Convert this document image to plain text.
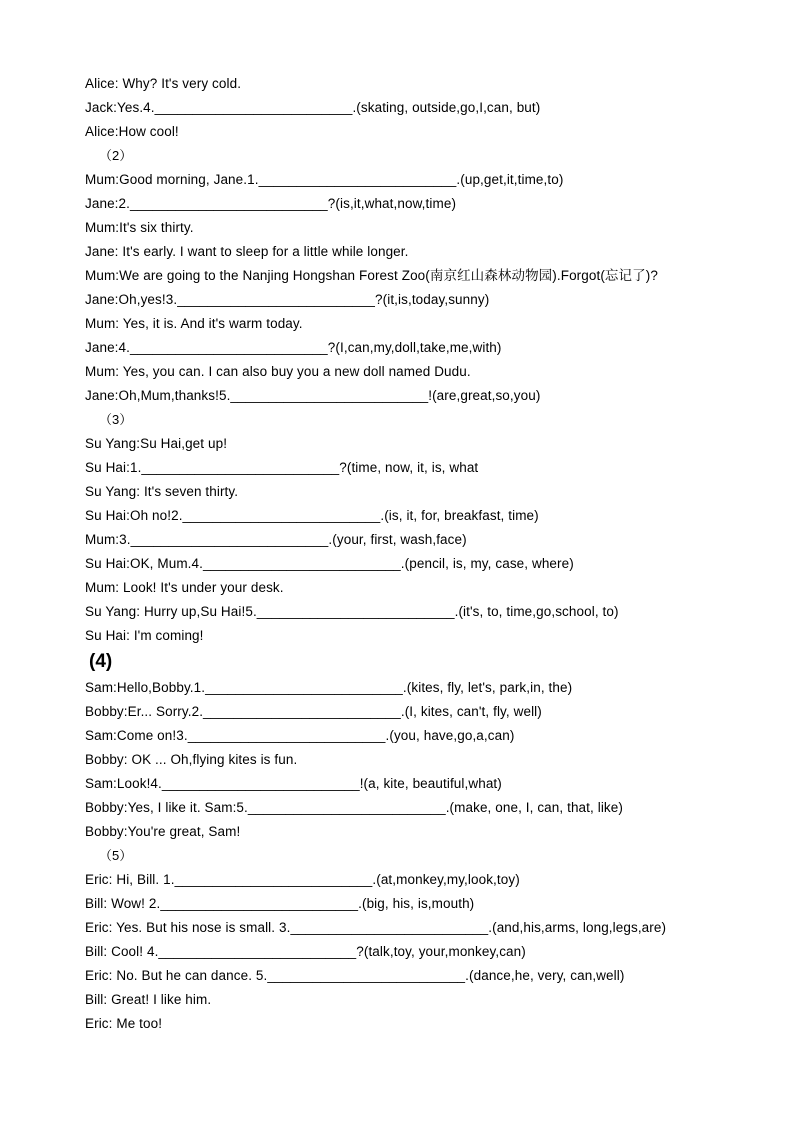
Alice: Why? It's very cold.
Jack:Yes.4.__________________________.(skating, outside,go,I,can, but)
Alice:How cool!
（2）
Mum:Good morning, Jane.1.__________________________.(up,get,it,time,to)
Jane:2.__________________________?(is,it,what,now,time)
Mum:It's six thirty.
Jane: It's early. I want to sleep for a little while longer.
Mum:We are going to the Nanjing Hongshan Forest Zoo(南京红山森林动物园).Forgot(忘记了)?
Jane:Oh,yes!3.__________________________?(it,is,today,sunny)
Mum: Yes, it is. And it's warm today.
Jane:4.__________________________?(I,can,my,doll,take,me,with)
Mum: Yes, you can. I can also buy you a new doll named Dudu.
Jane:Oh,Mum,thanks!5.__________________________!(are,great,so,you)
（3）
Su Yang:Su Hai,get up!
Su Hai:1.__________________________?(time, now, it, is, what
Su Yang: It's seven thirty.
Su Hai:Oh no!2.__________________________.(is, it, for, breakfast, time)
Mum:3.__________________________.(your, first, wash,face)
Su Hai:OK, Mum.4.__________________________.(pencil, is, my, case, where)
Mum: Look! It's under your desk.
Su Yang: Hurry up,Su Hai!5.__________________________.(it's, to, time,go,school, to)
Su Hai: I'm coming!
(4)
Sam:Hello,Bobby.1.__________________________.(kites, fly, let's, park,in, the)
Bobby:Er... Sorry.2.__________________________.(I, kites, can't, fly, well)
Sam:Come on!3.__________________________.(you, have,go,a,can)
Bobby: OK ... Oh,flying kites is fun.
Sam:Look!4.__________________________!(a, kite, beautiful,what)
Bobby:Yes, I like it. Sam:5.__________________________.(make, one, I, can, that, like)
Bobby:You're great, Sam!
（5）
Eric: Hi, Bill. 1.__________________________.(at,monkey,my,look,toy)
Bill: Wow! 2.__________________________.(big, his, is,mouth)
Eric: Yes. But his nose is small. 3.__________________________.(and,his,arms, long,legs,are)
Bill: Cool! 4.__________________________?(talk,toy, your,monkey,can)
Eric: No. But he can dance. 5.__________________________.(dance,he, very, can,well)
Bill: Great! I like him.
Eric: Me too!
